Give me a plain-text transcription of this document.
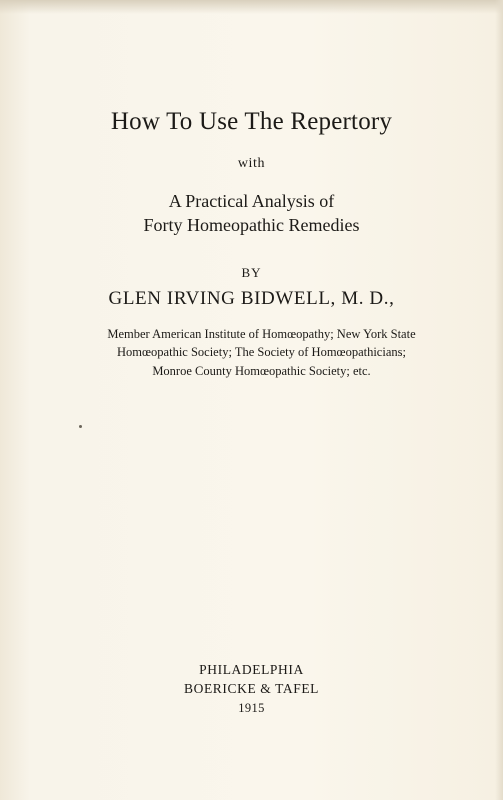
How To Use The Repertory

with

A Practical Analysis of

Forty Homeopathic Remedies

BY

GLEN IRVING BIDWELL, M. D.,

Member American Institute of Homœopathy; New York State

Homœopathic Society; The Society of Homœopathicians;

Monroe County Homœopathic Society; etc.

PHILADELPHIA

BOERICKE & TAFEL

1915
